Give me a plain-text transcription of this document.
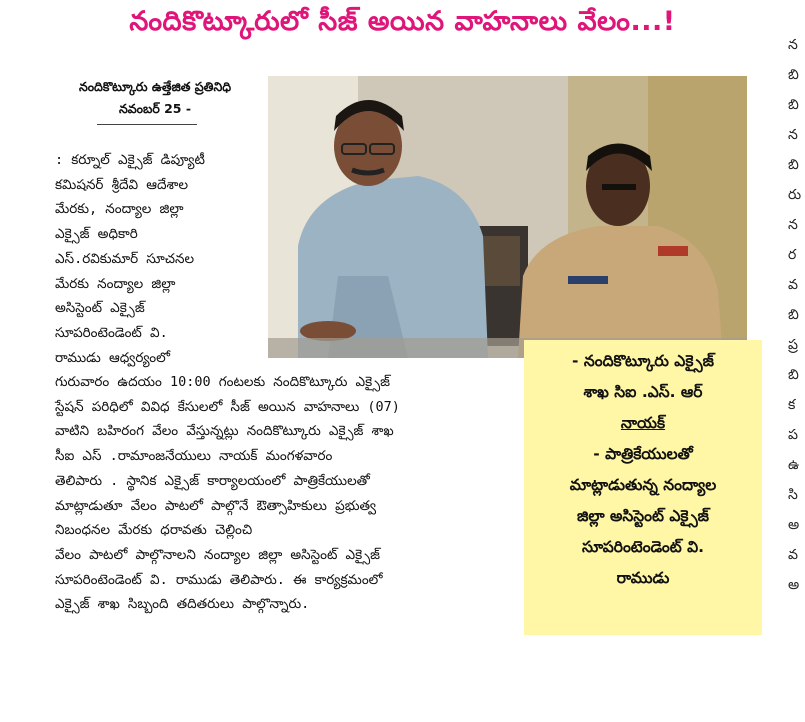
నందికొట్కూరులో సీజ్ అయిన వాహనాలు వేలం...!
నందికొట్కూరు ఉత్తేజిత ప్రతినిధి
నవంబర్ 25 -
: కర్నూల్ ఎక్సైజ్ డిప్యూటీ
కమిషనర్ శ్రీదేవి ఆదేశాల
మేరకు, నంద్యాల జిల్లా
ఎక్సైజ్ అధికారి
ఎస్.రవికుమార్ సూచనల
మేరకు నంద్యాల జిల్లా
అసిస్టెంట్ ఎక్సైజ్
సూపరింటెండెంట్ వి.
రాముడు ఆధ్వర్యంలో
గురువారం ఉదయం 10:00 గంటలకు నందికొట్కూరు ఎక్సైజ్
స్టేషన్ పరిధిలో వివిధ కేసులలో సీజ్ అయిన వాహనాలు (07)
వాటిని బహిరంగ వేలం వేస్తున్నట్లు నందికొట్కూరు ఎక్సైజ్ శాఖ
సీఐ ఎస్ .రామాంజనేయులు నాయక్ మంగళవారం
తెలిపారు . స్థానిక ఎక్సైజ్ కార్యాలయంలో పాత్రికేయులతో
మాట్లాడుతూ వేలం పాటలో పాల్గొనే ఔత్సాహికులు ప్రభుత్వ
నిబంధనల మేరకు ధరావతు చెల్లించి
వేలం పాటలో పాల్గొనాలని నంద్యాల జిల్లా అసిస్టెంట్ ఎక్సైజ్
సూపరింటెండెంట్ వి. రాముడు తెలిపారు. ఈ కార్యక్రమంలో
ఎక్సైజ్ శాఖ సిబ్బంది తదితరులు పాల్గొన్నారు.
- నందికొట్కూరు ఎక్సైజ్
శాఖ సిఐ .ఎస్. ఆర్
నాయక్
- పాత్రికేయులతో
మాట్లాడుతున్న నంద్యాల
జిల్లా అసిస్టెంట్ ఎక్సైజ్
సూపరింటెండెంట్ వి.
రాముడు
న
బి
బి
న
బి
రు
న
ర
వ
బి
ప్ర
బి
క
ప
ఉ
సి
అ
వ
అ
